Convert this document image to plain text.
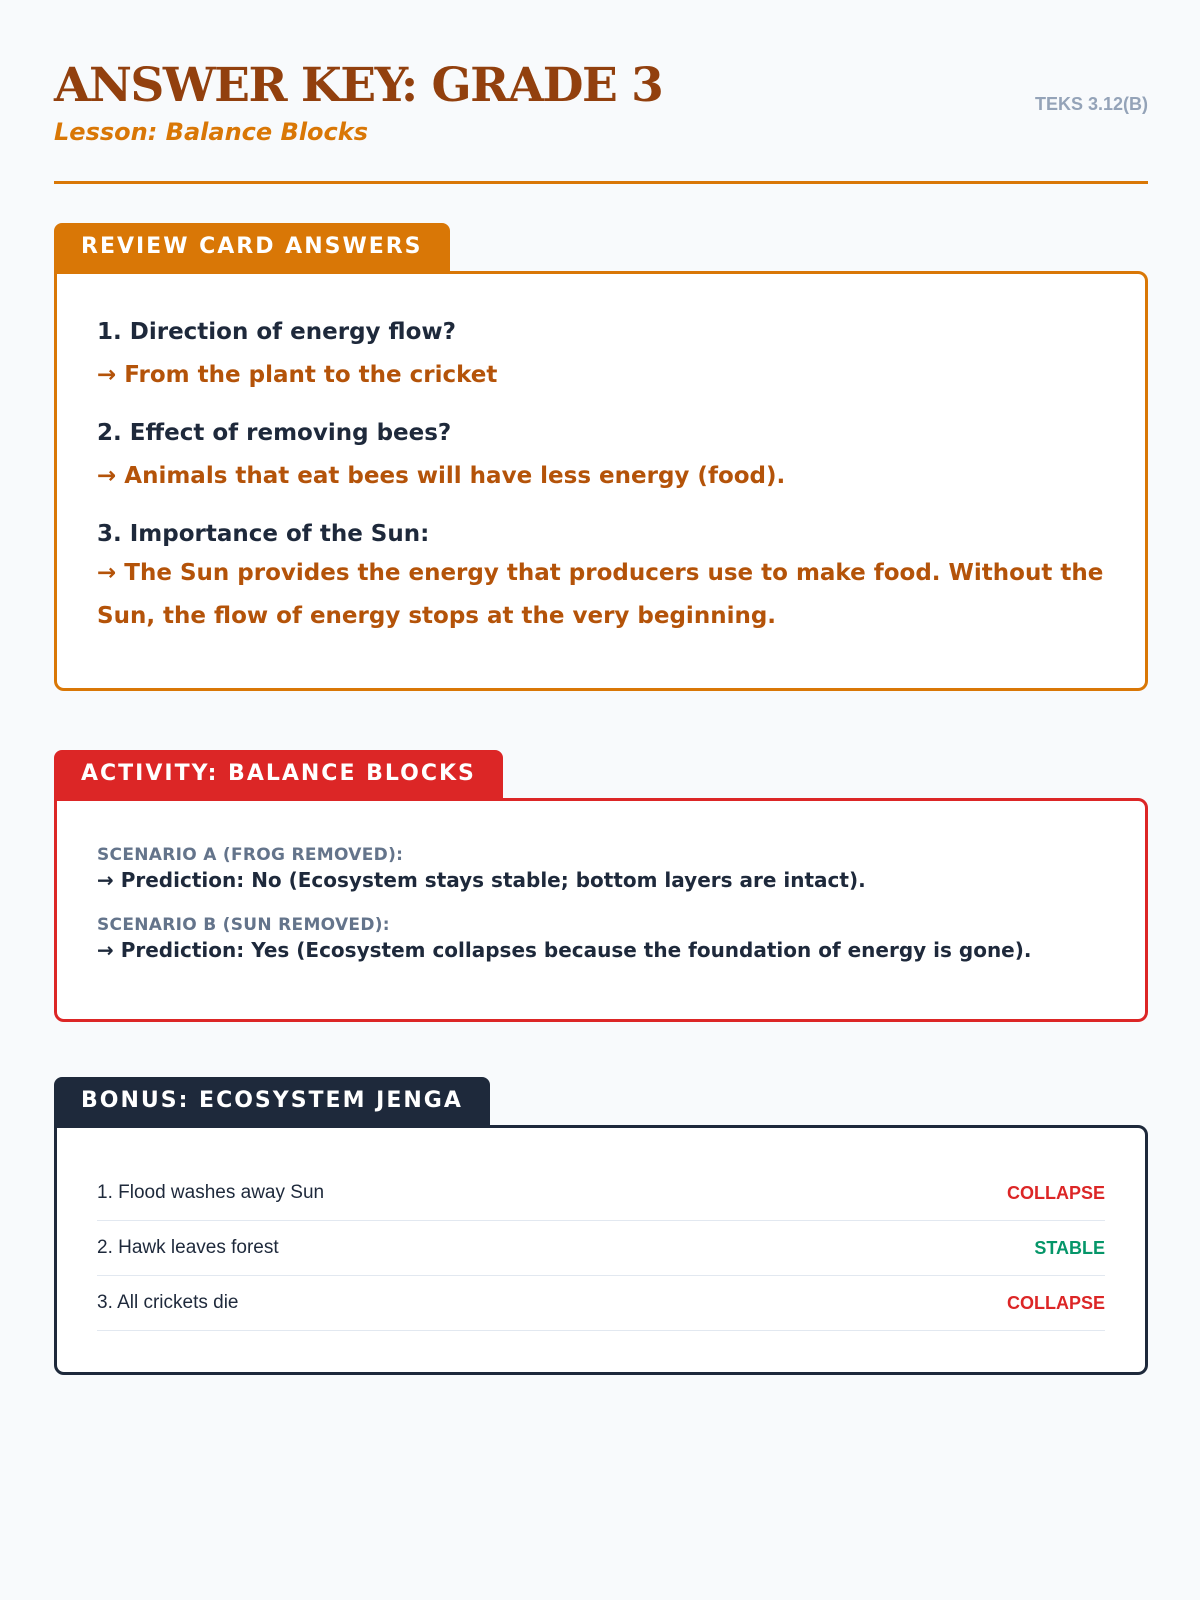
ANSWER KEY: GRADE 3
Lesson: Balance Blocks
TEKS 3.12(B)
REVIEW CARD ANSWERS
1. Direction of energy flow?
→ From the plant to the cricket
2. Effect of removing bees?
→ Animals that eat bees will have less energy (food).
3. Importance of the Sun:
→ The Sun provides the energy that producers use to make food. Without the Sun, the flow of energy stops at the very beginning.
ACTIVITY: BALANCE BLOCKS
SCENARIO A (FROG REMOVED):
→ Prediction: No (Ecosystem stays stable; bottom layers are intact).
SCENARIO B (SUN REMOVED):
→ Prediction: Yes (Ecosystem collapses because the foundation of energy is gone).
BONUS: ECOSYSTEM JENGA
1. Flood washes away Sun	COLLAPSE
2. Hawk leaves forest	STABLE
3. All crickets die	COLLAPSE
